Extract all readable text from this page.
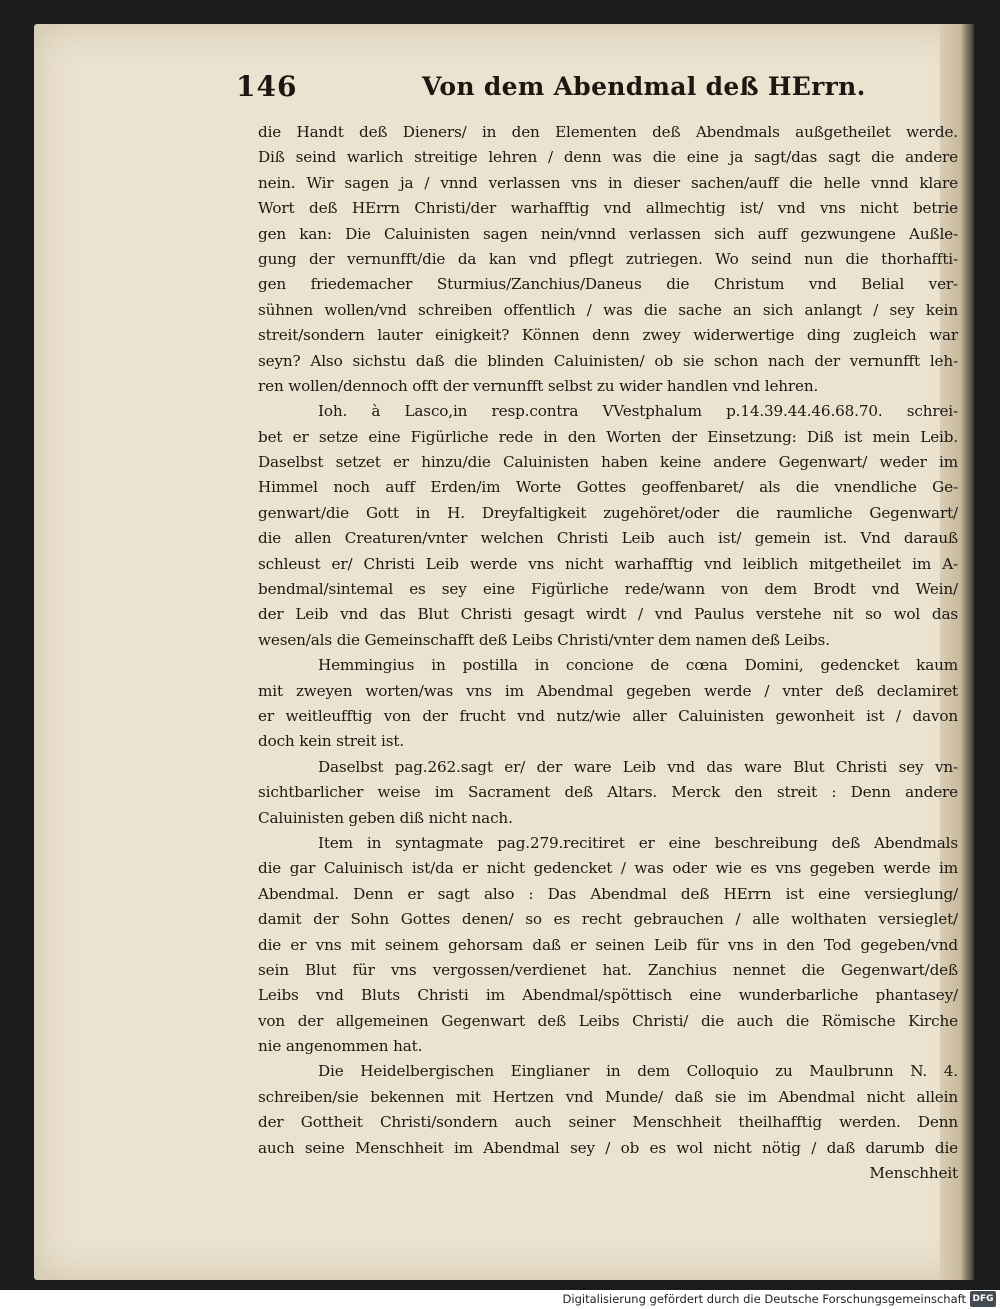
146	Von dem Abendmal deß HErrn.
die Handt deß Dieners/ in den Elementen deß Abendmals außgetheilet werde.
Diß seind warlich streitige lehren / denn was die eine ja sagt/das sagt die andere
nein. Wir sagen ja / vnnd verlassen vns in dieser sachen/auff die helle vnnd klare
Wort deß HErrn Christi/der warhafftig vnd allmechtig ist/ vnd vns nicht betrie
gen kan: Die Caluinisten sagen nein/vnnd verlassen sich auff gezwungene Außle-
gung der vernunfft/die da kan vnd pflegt zutriegen. Wo seind nun die thorhaffti-
gen friedemacher Sturmius/Zanchius/Daneus die Christum vnd Belial ver-
sühnen wollen/vnd schreiben offentlich / was die sache an sich anlangt / sey kein
streit/sondern lauter einigkeit? Können denn zwey widerwertige ding zugleich war
seyn? Also sichstu daß die blinden Caluinisten/ ob sie schon nach der vernunfft leh-
ren wollen/dennoch offt der vernunfft selbst zu wider handlen vnd lehren.
Ioh. à Lasco,in resp.contra VVestphalum p.14.39.44.46.68.70. schrei-
bet er setze eine Figürliche rede in den Worten der Einsetzung: Diß ist mein Leib.
Daselbst setzet er hinzu/die Caluinisten haben keine andere Gegenwart/ weder im
Himmel noch auff Erden/im Worte Gottes geoffenbaret/ als die vnendliche Ge-
genwart/die Gott in H. Dreyfaltigkeit zugehöret/oder die raumliche Gegenwart/
die allen Creaturen/vnter welchen Christi Leib auch ist/ gemein ist. Vnd darauß
schleust er/ Christi Leib werde vns nicht warhafftig vnd leiblich mitgetheilet im A-
bendmal/sintemal es sey eine Figürliche rede/wann von dem Brodt vnd Wein/
der Leib vnd das Blut Christi gesagt wirdt / vnd Paulus verstehe nit so wol das
wesen/als die Gemeinschafft deß Leibs Christi/vnter dem namen deß Leibs.
Hemmingius in postilla in concione de cœna Domini, gedencket kaum
mit zweyen worten/was vns im Abendmal gegeben werde / vnter deß declamiret
er weitleufftig von der frucht vnd nutz/wie aller Caluinisten gewonheit ist / davon
doch kein streit ist.
Daselbst pag.262.sagt er/ der ware Leib vnd das ware Blut Christi sey vn-
sichtbarlicher weise im Sacrament deß Altars. Merck den streit : Denn andere
Caluinisten geben diß nicht nach.
Item in syntagmate pag.279.recitiret er eine beschreibung deß Abendmals
die gar Caluinisch ist/da er nicht gedencket / was oder wie es vns gegeben werde im
Abendmal. Denn er sagt also : Das Abendmal deß HErrn ist eine versieglung/
damit der Sohn Gottes denen/ so es recht gebrauchen / alle wolthaten versieglet/
die er vns mit seinem gehorsam daß er seinen Leib für vns in den Tod gegeben/vnd
sein Blut für vns vergossen/verdienet hat. Zanchius nennet die Gegenwart/deß
Leibs vnd Bluts Christi im Abendmal/spöttisch eine wunderbarliche phantasey/
von der allgemeinen Gegenwart deß Leibs Christi/ die auch die Römische Kirche
nie angenommen hat.
Die Heidelbergischen Einglianer in dem Colloquio zu Maulbrunn N. 4.
schreiben/sie bekennen mit Hertzen vnd Munde/ daß sie im Abendmal nicht allein
der Gottheit Christi/sondern auch seiner Menschheit theilhafftig werden. Denn
auch seine Menschheit im Abendmal sey / ob es wol nicht nötig / daß darumb die
Menschheit
Digitalisierung gefördert durch die Deutsche Forschungsgemeinschaft DFG
